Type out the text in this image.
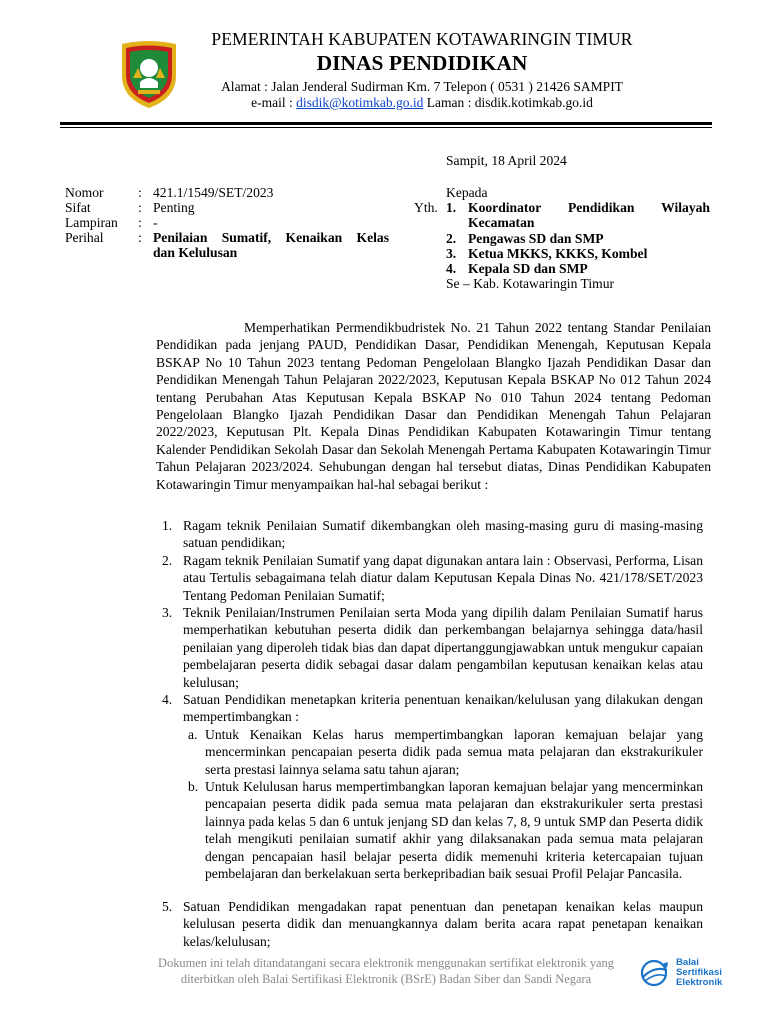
PEMERINTAH KABUPATEN KOTAWARINGIN TIMUR
DINAS PENDIDIKAN
Alamat : Jalan Jenderal Sudirman Km. 7 Telepon ( 0531 ) 21426 SAMPIT
e-mail : disdik@kotimkab.go.id Laman : disdik.kotimkab.go.id
Sampit, 18 April 2024
Nomor	: 421.1/1549/SET/2023
Sifat	: Penting
Lampiran : -
Perihal	: Penilaian Sumatif, Kenaikan Kelas
dan Kelulusan
Kepada
Yth. 1. Koordinator Pendidikan Wilayah
Kecamatan
2. Pengawas SD dan SMP
3. Ketua MKKS, KKKS, Kombel
4. Kepala SD dan SMP
Se – Kab. Kotawaringin Timur

Memperhatikan Permendikbudristek No. 21 Tahun 2022 tentang Standar Penilaian Pendidikan pada jenjang PAUD, Pendidikan Dasar, Pendidikan Menengah, Keputusan Kepala BSKAP No 10 Tahun 2023 tentang Pedoman Pengelolaan Blangko Ijazah Pendidikan Dasar dan Pendidikan Menengah Tahun Pelajaran 2022/2023, Keputusan Kepala BSKAP No 012 Tahun 2024 tentang Perubahan Atas Keputusan Kepala BSKAP No 010 Tahun 2024 tentang Pedoman Pengelolaan Blangko Ijazah Pendidikan Dasar dan Pendidikan Menengah Tahun Pelajaran 2022/2023, Keputusan Plt. Kepala Dinas Pendidikan Kabupaten Kotawaringin Timur tentang Kalender Pendidikan Sekolah Dasar dan Sekolah Menengah Pertama Kabupaten Kotawaringin Timur Tahun Pelajaran 2023/2024. Sehubungan dengan hal tersebut diatas, Dinas Pendidikan Kabupaten Kotawaringin Timur menyampaikan hal-hal sebagai berikut :

1. Ragam teknik Penilaian Sumatif dikembangkan oleh masing-masing guru di masing-masing satuan pendidikan;
2. Ragam teknik Penilaian Sumatif yang dapat digunakan antara lain : Observasi, Performa, Lisan atau Tertulis sebagaimana telah diatur dalam Keputusan Kepala Dinas No. 421/178/SET/2023 Tentang Pedoman Penilaian Sumatif;
3. Teknik Penilaian/Instrumen Penilaian serta Moda yang dipilih dalam Penilaian Sumatif harus memperhatikan kebutuhan peserta didik dan perkembangan belajarnya sehingga data/hasil penilaian yang diperoleh tidak bias dan dapat dipertanggungjawabkan untuk mengukur capaian pembelajaran peserta didik sebagai dasar dalam pengambilan keputusan kenaikan kelas atau kelulusan;
4. Satuan Pendidikan menetapkan kriteria penentuan kenaikan/kelulusan yang dilakukan dengan mempertimbangkan :
a. Untuk Kenaikan Kelas harus mempertimbangkan laporan kemajuan belajar yang mencerminkan pencapaian peserta didik pada semua mata pelajaran dan ekstrakurikuler serta prestasi lainnya selama satu tahun ajaran;
b. Untuk Kelulusan harus mempertimbangkan laporan kemajuan belajar yang mencerminkan pencapaian peserta didik pada semua mata pelajaran dan ekstrakurikuler serta prestasi lainnya pada kelas 5 dan 6 untuk jenjang SD dan kelas 7, 8, 9 untuk SMP dan Peserta didik telah mengikuti penilaian sumatif akhir yang dilaksanakan pada semua mata pelajaran dengan pencapaian hasil belajar peserta didik memenuhi kriteria ketercapaian tujuan pembelajaran dan berkelakuan serta berkepribadian baik sesuai Profil Pelajar Pancasila.
5. Satuan Pendidikan mengadakan rapat penentuan dan penetapan kenaikan kelas maupun kelulusan peserta didik dan menuangkannya dalam berita acara rapat penetapan kenaikan kelas/kelulusan;
Dokumen ini telah ditandatangani secara elektronik menggunakan sertifikat elektronik yang
diterbitkan oleh Balai Sertifikasi Elektronik (BSrE) Badan Siber dan Sandi Negara
Balai
Sertifikasi
Elektronik
